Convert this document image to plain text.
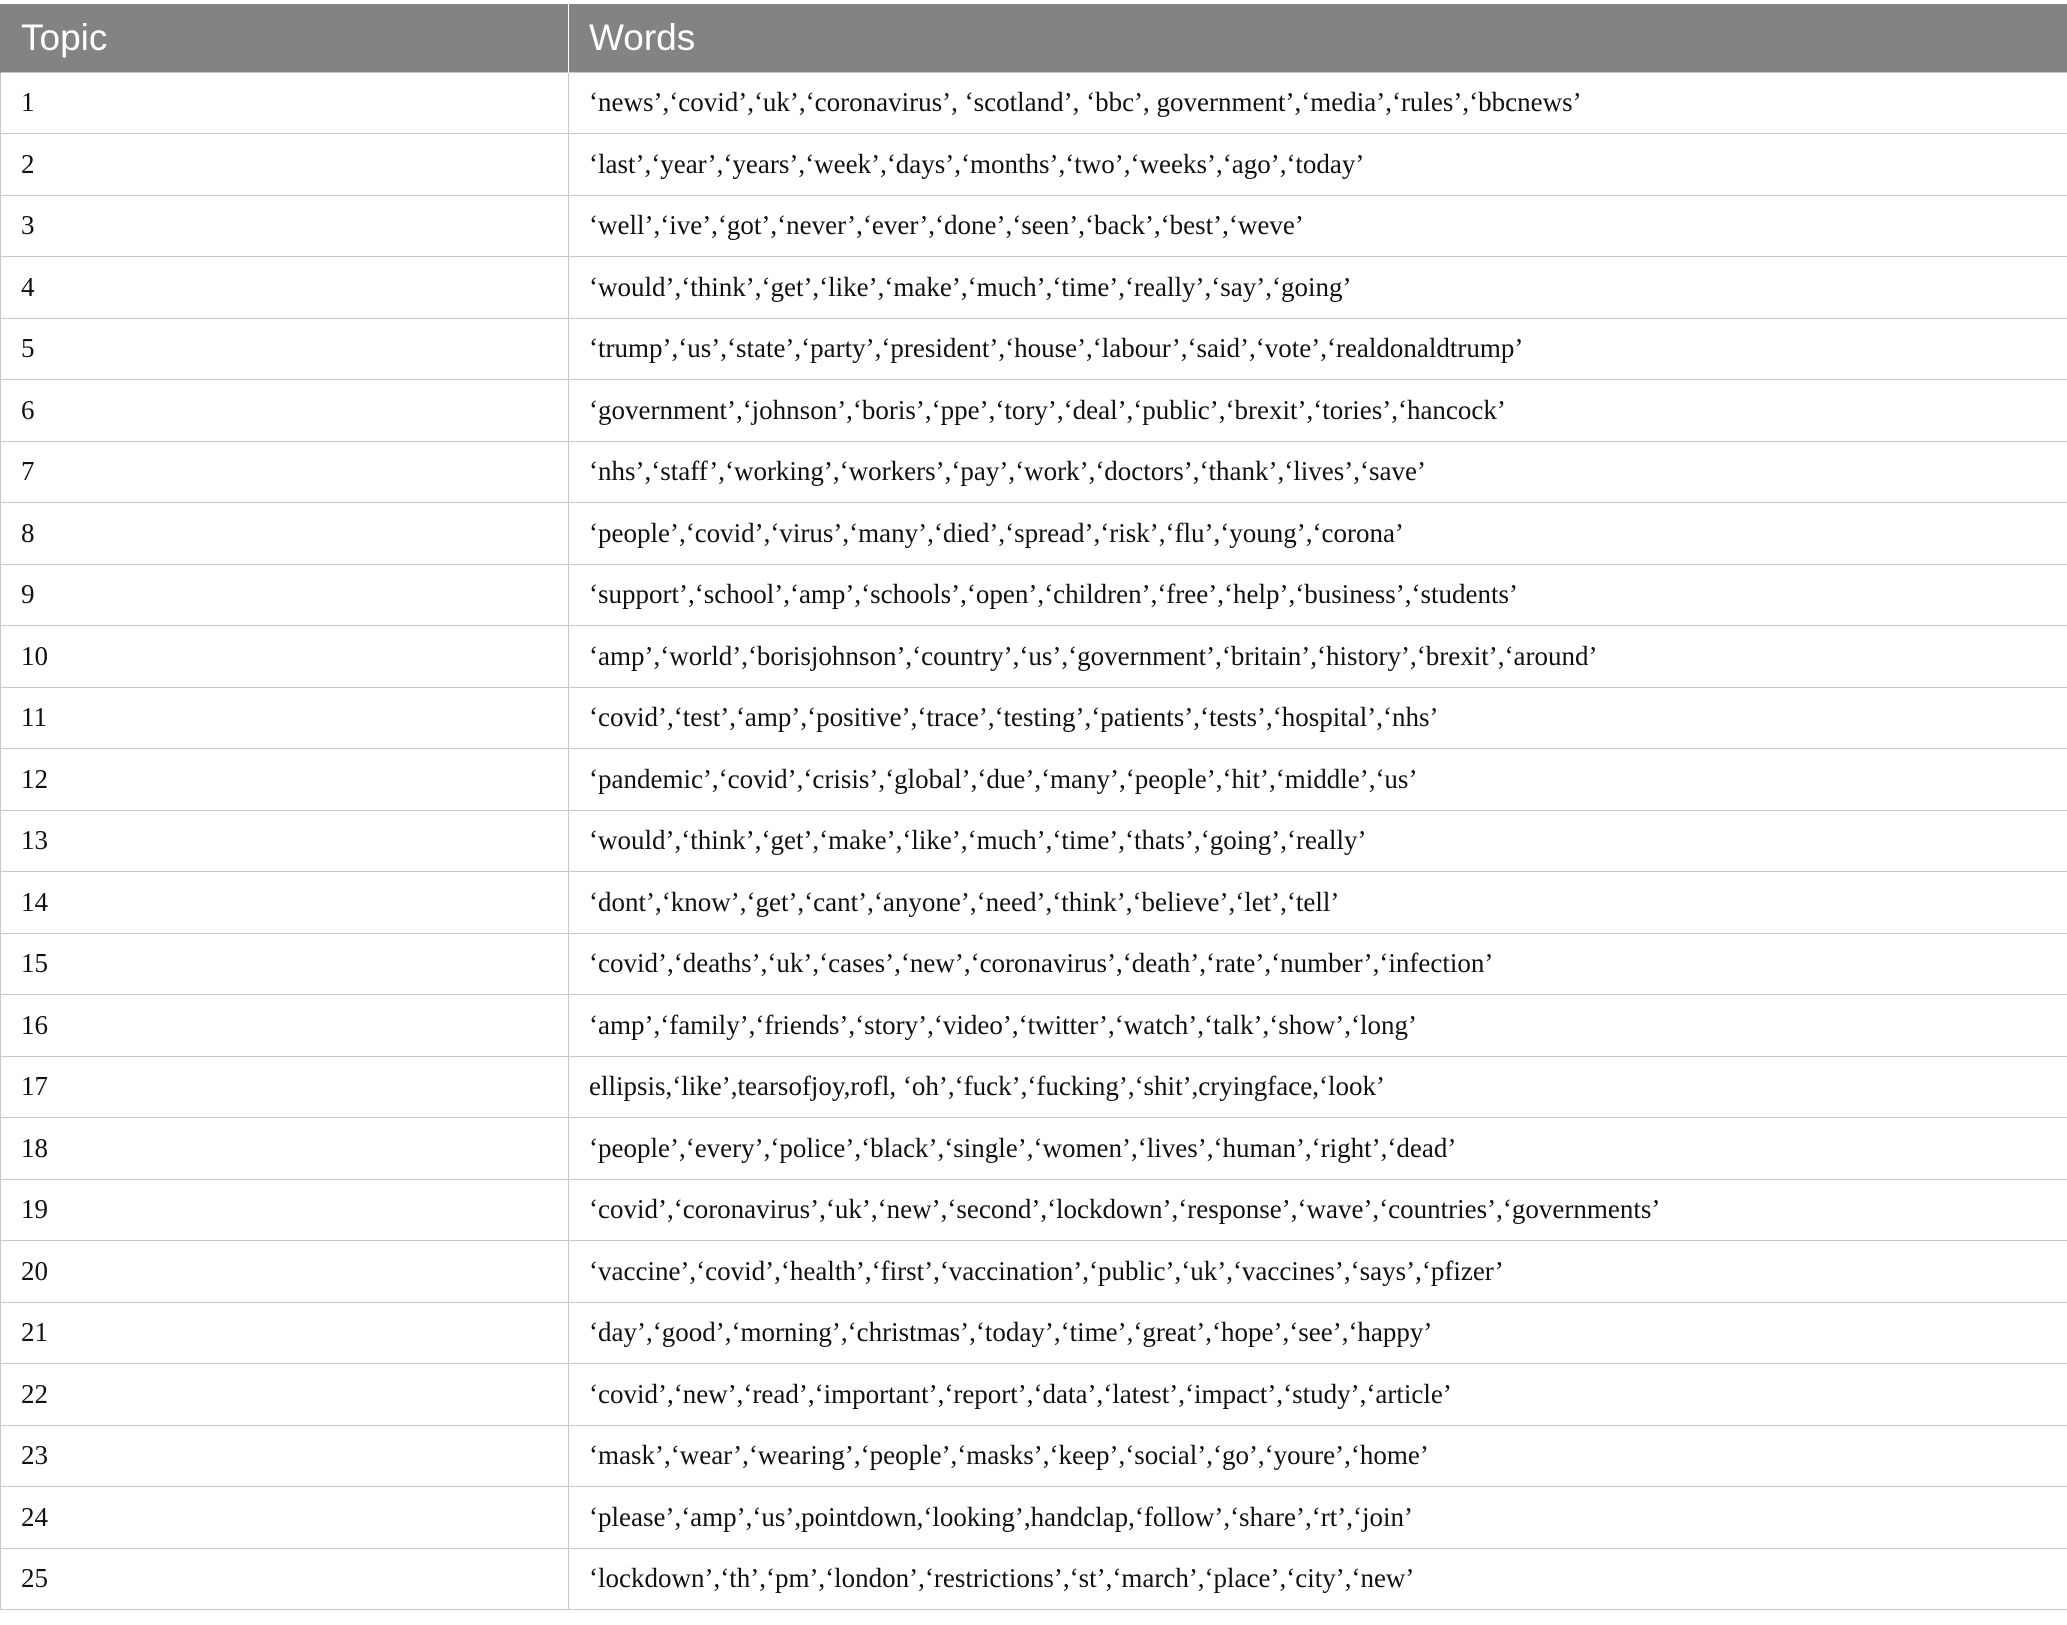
Topic	Words
1	‘news’,‘covid’,‘uk’,‘coronavirus’, ‘scotland’, ‘bbc’, government’,‘media’,‘rules’,‘bbcnews’
2	‘last’,‘year’,‘years’,‘week’,‘days’,‘months’,‘two’,‘weeks’,‘ago’,‘today’
3	‘well’,‘ive’,‘got’,‘never’,‘ever’,‘done’,‘seen’,‘back’,‘best’,‘weve’
4	‘would’,‘think’,‘get’,‘like’,‘make’,‘much’,‘time’,‘really’,‘say’,‘going’
5	‘trump’,‘us’,‘state’,‘party’,‘president’,‘house’,‘labour’,‘said’,‘vote’,‘realdonaldtrump’
6	‘government’,‘johnson’,‘boris’,‘ppe’,‘tory’,‘deal’,‘public’,‘brexit’,‘tories’,‘hancock’
7	‘nhs’,‘staff’,‘working’,‘workers’,‘pay’,‘work’,‘doctors’,‘thank’,‘lives’,‘save’
8	‘people’,‘covid’,‘virus’,‘many’,‘died’,‘spread’,‘risk’,‘flu’,‘young’,‘corona’
9	‘support’,‘school’,‘amp’,‘schools’,‘open’,‘children’,‘free’,‘help’,‘business’,‘students’
10	‘amp’,‘world’,‘borisjohnson’,‘country’,‘us’,‘government’,‘britain’,‘history’,‘brexit’,‘around’
11	‘covid’,‘test’,‘amp’,‘positive’,‘trace’,‘testing’,‘patients’,‘tests’,‘hospital’,‘nhs’
12	‘pandemic’,‘covid’,‘crisis’,‘global’,‘due’,‘many’,‘people’,‘hit’,‘middle’,‘us’
13	‘would’,‘think’,‘get’,‘make’,‘like’,‘much’,‘time’,‘thats’,‘going’,‘really’
14	‘dont’,‘know’,‘get’,‘cant’,‘anyone’,‘need’,‘think’,‘believe’,‘let’,‘tell’
15	‘covid’,‘deaths’,‘uk’,‘cases’,‘new’,‘coronavirus’,‘death’,‘rate’,‘number’,‘infection’
16	‘amp’,‘family’,‘friends’,‘story’,‘video’,‘twitter’,‘watch’,‘talk’,‘show’,‘long’
17	ellipsis,‘like’,tearsofjoy,rofl, ‘oh’,‘fuck’,‘fucking’,‘shit’,cryingface,‘look’
18	‘people’,‘every’,‘police’,‘black’,‘single’,‘women’,‘lives’,‘human’,‘right’,‘dead’
19	‘covid’,‘coronavirus’,‘uk’,‘new’,‘second’,‘lockdown’,‘response’,‘wave’,‘countries’,‘governments’
20	‘vaccine’,‘covid’,‘health’,‘first’,‘vaccination’,‘public’,‘uk’,‘vaccines’,‘says’,‘pfizer’
21	‘day’,‘good’,‘morning’,‘christmas’,‘today’,‘time’,‘great’,‘hope’,‘see’,‘happy’
22	‘covid’,‘new’,‘read’,‘important’,‘report’,‘data’,‘latest’,‘impact’,‘study’,‘article’
23	‘mask’,‘wear’,‘wearing’,‘people’,‘masks’,‘keep’,‘social’,‘go’,‘youre’,‘home’
24	‘please’,‘amp’,‘us’,pointdown,‘looking’,handclap,‘follow’,‘share’,‘rt’,‘join’
25	‘lockdown’,‘th’,‘pm’,‘london’,‘restrictions’,‘st’,‘march’,‘place’,‘city’,‘new’
